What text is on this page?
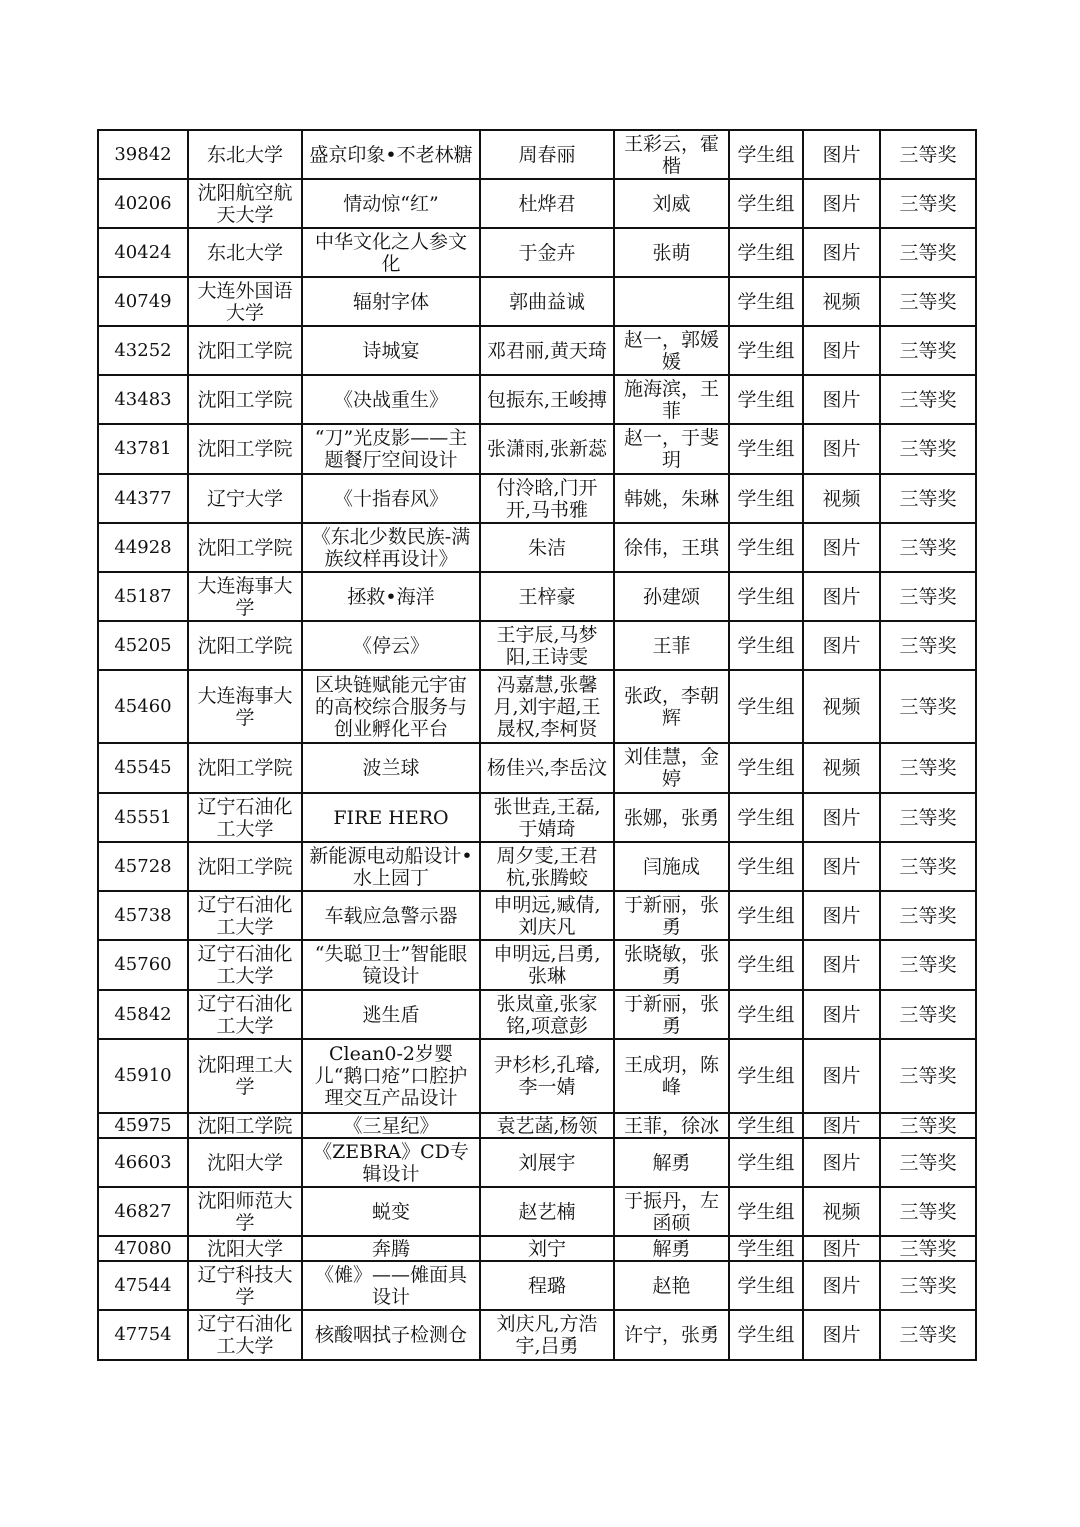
39842	东北大学	盛京印象•不老林糖	周春丽	王彩云，霍楷	学生组	图片	三等奖
40206	沈阳航空航天大学	情动惊“红”	杜烨君	刘威	学生组	图片	三等奖
40424	东北大学	中华文化之人参文化	于金卉	张萌	学生组	图片	三等奖
40749	大连外国语大学	辐射字体	郭曲益诚		学生组	视频	三等奖
43252	沈阳工学院	诗城宴	邓君丽,黄天琦	赵一，郭媛媛	学生组	图片	三等奖
43483	沈阳工学院	《决战重生》	包振东,王峻搏	施海滨，王菲	学生组	图片	三等奖
43781	沈阳工学院	“刀”光皮影——主题餐厅空间设计	张潇雨,张新蕊	赵一，于斐玥	学生组	图片	三等奖
44377	辽宁大学	《十指春风》	付泠晗,门开开,马书雅	韩姚，朱琳	学生组	视频	三等奖
44928	沈阳工学院	《东北少数民族-满族纹样再设计》	朱洁	徐伟，王琪	学生组	图片	三等奖
45187	大连海事大学	拯救•海洋	王梓豪	孙建颂	学生组	图片	三等奖
45205	沈阳工学院	《停云》	王宇辰,马梦阳,王诗雯	王菲	学生组	图片	三等奖
45460	大连海事大学	区块链赋能元宇宙的高校综合服务与创业孵化平台	冯嘉慧,张馨月,刘宇超,王晟权,李柯贤	张政，李朝辉	学生组	视频	三等奖
45545	沈阳工学院	波兰球	杨佳兴,李岳汶	刘佳慧，金婷	学生组	视频	三等奖
45551	辽宁石油化工大学	FIRE HERO	张世垚,王磊,于婧琦	张娜，张勇	学生组	图片	三等奖
45728	沈阳工学院	新能源电动船设计•水上园丁	周夕雯,王君杭,张腾蛟	闫施成	学生组	图片	三等奖
45738	辽宁石油化工大学	车载应急警示器	申明远,臧倩,刘庆凡	于新丽，张勇	学生组	图片	三等奖
45760	辽宁石油化工大学	“失聪卫士”智能眼镜设计	申明远,吕勇,张琳	张晓敏，张勇	学生组	图片	三等奖
45842	辽宁石油化工大学	逃生盾	张岚童,张家铭,项意彭	于新丽，张勇	学生组	图片	三等奖
45910	沈阳理工大学	Clean0-2岁婴儿“鹅口疮”口腔护理交互产品设计	尹杉杉,孔璿,李一婧	王成玥，陈峰	学生组	图片	三等奖
45975	沈阳工学院	《三星纪》	袁艺菡,杨领	王菲，徐冰	学生组	图片	三等奖
46603	沈阳大学	《ZEBRA》CD专辑设计	刘展宇	解勇	学生组	图片	三等奖
46827	沈阳师范大学	蜕变	赵艺楠	于振丹，左函硕	学生组	视频	三等奖
47080	沈阳大学	奔腾	刘宁	解勇	学生组	图片	三等奖
47544	辽宁科技大学	《傩》——傩面具设计	程璐	赵艳	学生组	图片	三等奖
47754	辽宁石油化工大学	核酸咽拭子检测仓	刘庆凡,方浩宇,吕勇	许宁，张勇	学生组	图片	三等奖
